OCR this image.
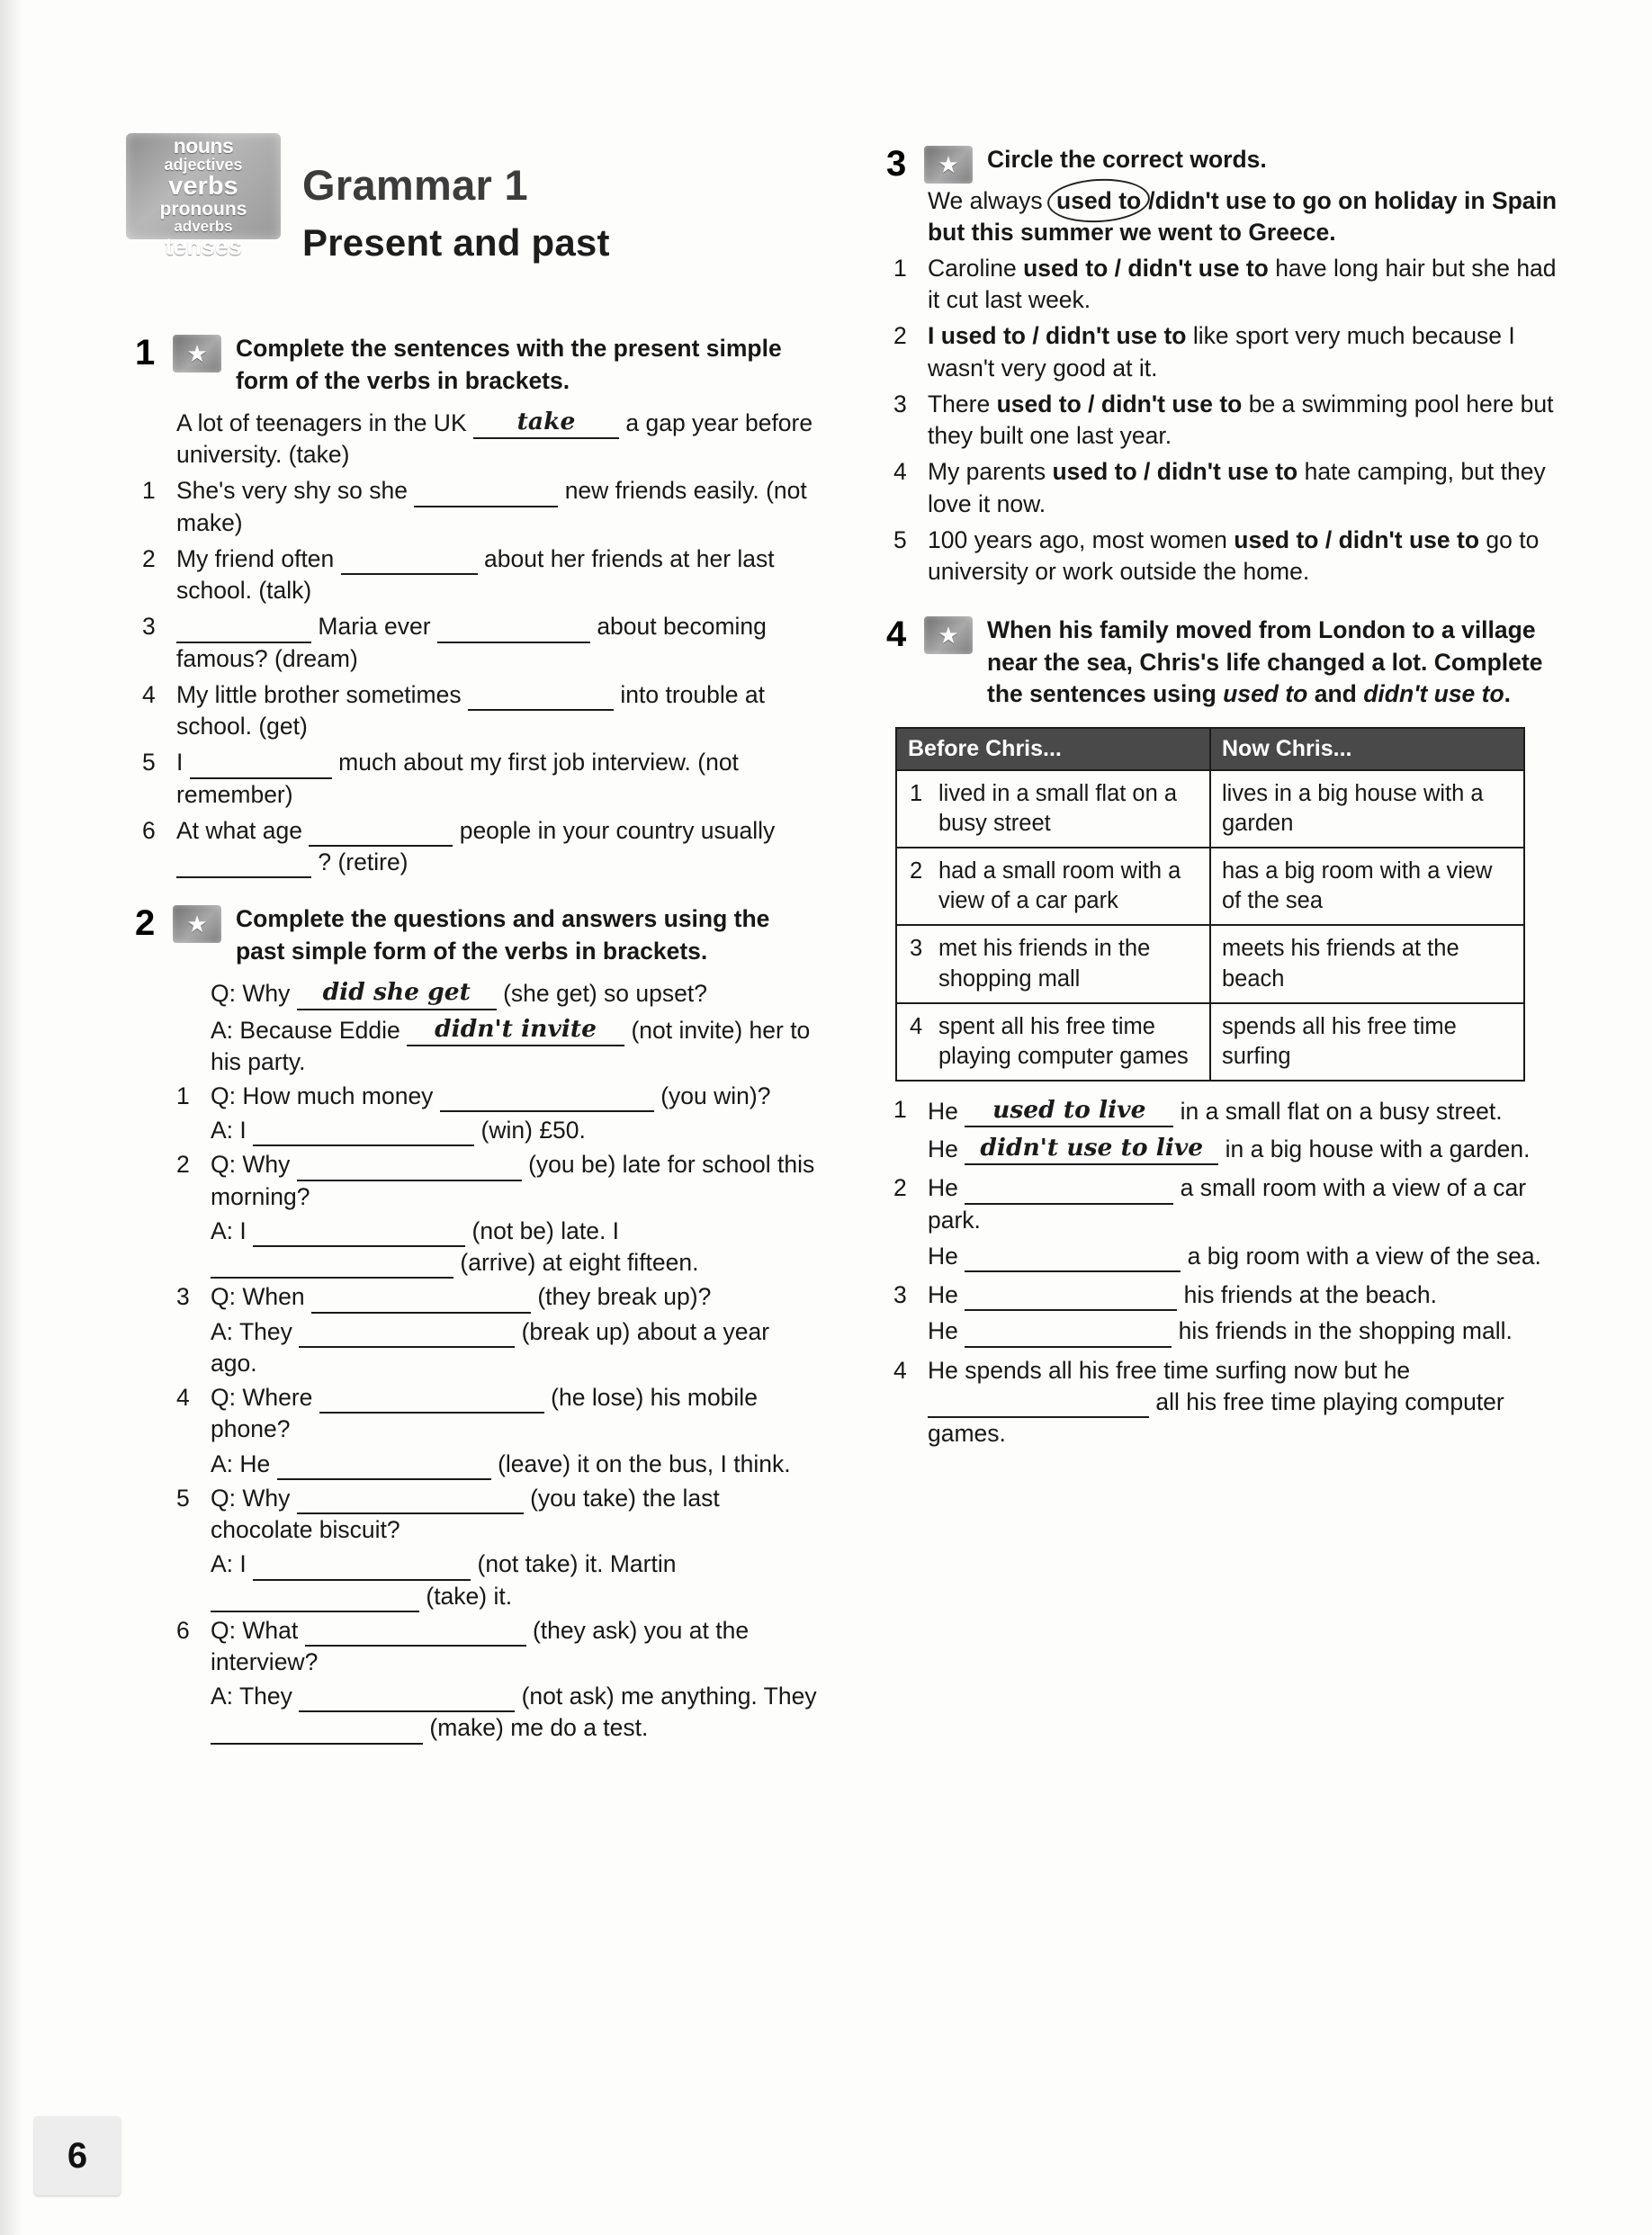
nouns
adjectives
verbs
pronouns
adverbs
tenses
Grammar 1
Present and past
1 ★	Complete the sentences with the present simple form of the verbs in brackets.
A lot of teenagers in the UK take a gap year before university. (take)
1 She's very shy so she	new friends easily. (not make)
2 My friend often	about her friends at her last school. (talk)
3	Maria ever	about becoming famous? (dream)
4 My little brother sometimes	into trouble at school. (get)
5 I	much about my first job interview. (not remember)
6 At what age	people in your country usually  ? (retire)
2 ★	Complete the questions and answers using the past simple form of the verbs in brackets.
Q: Why did she get (she get) so upset?
A: Because Eddie didn't invite (not invite) her to his party.
1 Q: How much money	(you win)?
A: I	(win) £50.
2 Q: Why	(you be) late for school this morning?
A: I	(not be) late. I  (arrive) at eight fifteen.
3 Q: When	(they break up)?
A: They	(break up) about a year ago.
4 Q: Where	(he lose) his mobile phone?
A: He	(leave) it on the bus, I think.
5 Q: Why	(you take) the last chocolate biscuit?
A: I	(not take) it. Martin  (take) it.
6 Q: What	(they ask) you at the interview?
A: They	(not ask) me anything. They  (make) me do a test.
3 ★	Circle the correct words.
We always used to /didn't use to go on holiday in Spain but this summer we went to Greece.
1 Caroline used to / didn't use to have long hair but she had it cut last week.
2 I used to / didn't use to like sport very much because I wasn't very good at it.
3 There used to / didn't use to be a swimming pool here but they built one last year.
4 My parents used to / didn't use to hate camping, but they love it now.
5 100 years ago, most women used to / didn't use to go to university or work outside the home.
4 ★	When his family moved from London to a village near the sea, Chris's life changed a lot. Complete the sentences using used to and didn't use to.
Before Chris...	Now Chris...

1 lived in a small flat on a busy street	lives in a big house with a garden

2 had a small room with a view of a car park	has a big room with a view of the sea

3 met his friends in the shopping mall	meets his friends at the beach

4 spent all his free time playing computer games	spends all his free time surfing
1 He used to live in a small flat on a busy street.
He didn't use to live in a big house with a garden.
2 He	a small room with a view of a car park.
He	a big room with a view of the sea.
3 He	his friends at the beach.
He	his friends in the shopping mall.
4 He spends all his free time surfing now but he  all his free time playing computer games.
6
